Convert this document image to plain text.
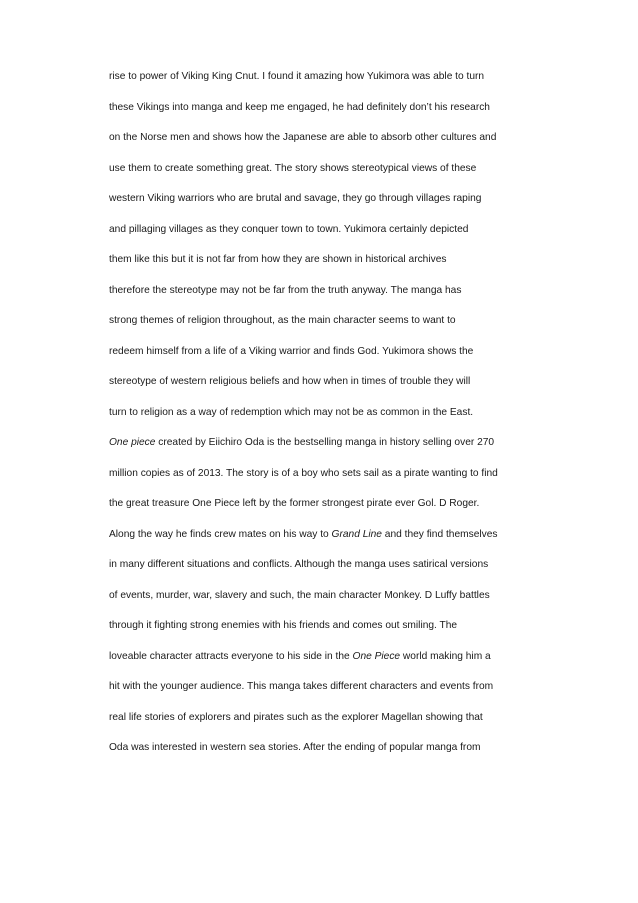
rise to power of Viking King Cnut. I found it amazing how Yukimora was able to turn
these Vikings into manga and keep me engaged, he had definitely don’t his research
on the Norse men and shows how the Japanese are able to absorb other cultures and
use them to create something great. The story shows stereotypical views of these
western Viking warriors who are brutal and savage, they go through villages raping
and pillaging villages as they conquer town to town. Yukimora certainly depicted
them like this but it is not far from how they are shown in historical archives
therefore the stereotype may not be far from the truth anyway. The manga has
strong themes of religion throughout, as the main character seems to want to
redeem himself from a life of a Viking warrior and finds God. Yukimora shows the
stereotype of western religious beliefs and how when in times of trouble they will
turn to religion as a way of redemption which may not be as common in the East.
One piece created by Eiichiro Oda is the bestselling manga in history selling over 270
million copies as of 2013. The story is of a boy who sets sail as a pirate wanting to find
the great treasure One Piece left by the former strongest pirate ever Gol. D Roger.
Along the way he finds crew mates on his way to Grand Line and they find themselves
in many different situations and conflicts. Although the manga uses satirical versions
of events, murder, war, slavery and such, the main character Monkey. D Luffy battles
through it fighting strong enemies with his friends and comes out smiling. The
loveable character attracts everyone to his side in the One Piece world making him a
hit with the younger audience. This manga takes different characters and events from
real life stories of explorers and pirates such as the explorer Magellan showing that
Oda was interested in western sea stories. After the ending of popular manga from
